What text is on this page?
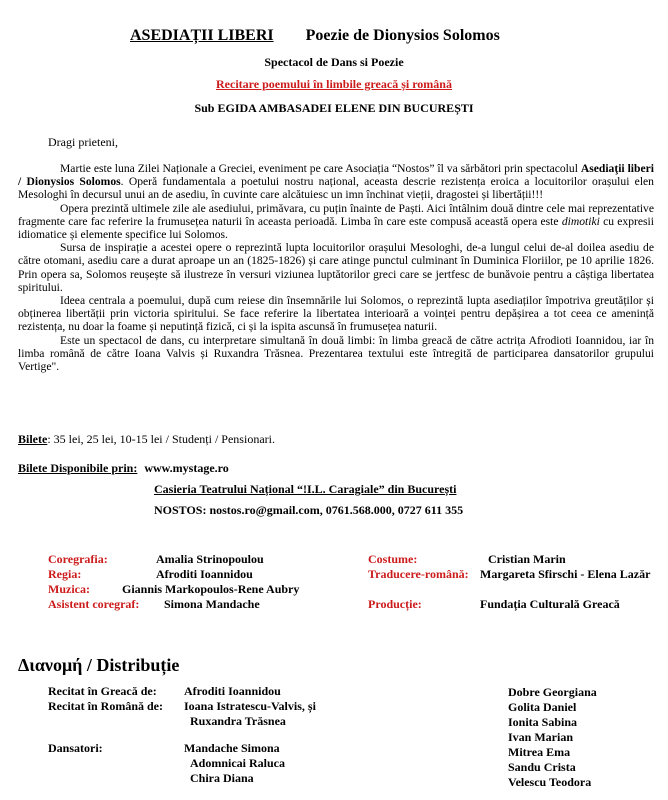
ASEDIAȚII LIBERI Poezie de Dionysios Solomos
Spectacol de Dans si Poezie
Recitare poemului în limbile greacă și română
Sub EGIDA AMBASADEI ELENE DIN BUCUREȘTI
Dragi prieteni,

Martie este luna Zilei Naționale a Greciei, eveniment pe care Asociația “Nostos” îl va sărbători prin spectacolul Asediaţii liberi / Dionysios Solomos. Operă fundamentala a poetului nostru național, aceasta descrie rezistența eroica a locuitorilor orașului elen Mesologhi în decursul unui an de asediu, în cuvinte care alcătuiesc un imn închinat vieții, dragostei și libertății!!!

Opera prezintă ultimele zile ale asediului, primăvara, cu puțin înainte de Paști. Aici întâlnim două dintre cele mai reprezentative fragmente care fac referire la frumusețea naturii în aceasta perioadă. Limba în care este compusă această opera este dimotiki cu expresii idiomatice și elemente specifice lui Solomos.

Sursa de inspirație a acestei opere o reprezintă lupta locuitorilor orașului Mesologhi, de-a lungul celui de-al doilea asediu de către otomani, asediu care a durat aproape un an (1825-1826) și care atinge punctul culminant în Duminica Floriilor, pe 10 aprilie 1826. Prin opera sa, Solomos reușește să ilustreze în versuri viziunea luptătorilor greci care se jertfesc de bunăvoie pentru a câștiga libertatea spiritului.

Ideea centrala a poemului, după cum reiese din însemnările lui Solomos, o reprezintă lupta asediaților împotriva greutăților și obținerea libertății prin victoria spiritului. Se face referire la libertatea interioară a voinței pentru depășirea a tot ceea ce amenință rezistența, nu doar la foame și neputință fizică, ci și la ispita ascunsă în frumusețea naturii.

Este un spectacol de dans, cu interpretare simultană în două limbi: în limba greacă de către actrița Afrodioti Ioannidou, iar în limba română de către Ioana Valvis și Ruxandra Trăsnea. Prezentarea textului este întregită de participarea dansatorilor grupului Vertige".

Bilete: 35 lei, 25 lei, 10-15 lei / Studenți / Pensionari.
Bilete Disponibile prin: www.mystage.ro
Casieria Teatrului Național “!I.L. Caragiale” din București
NOSTOS: nostos.ro@gmail.com, 0761.568.000, 0727 611 355
Coregrafia:	Amalia Strinopoulou
Regia:	Afroditi Ioannidou
Muzica:	Giannis Markopoulos-Rene Aubry
Asistent coregraf: Simona Mandache
Costume:	Cristian Marin
Traducere-română: Margareta Sfirschi - Elena Lazăr
Producție:	Fundația Culturală Greacă
Διανομή / Distribuție
Recitat în Greacă de: Afroditi Ioannidou
Recitat în Română de: Ioana Istratescu-Valvis, și
Ruxandra Trăsnea
Dansatori:	Mandache Simona
Adomnicai Raluca
Chira Diana
Dobre Georgiana
Golita Daniel
Ionita Sabina
Ivan Marian
Mitrea Ema
Sandu Crista
Velescu Teodora
